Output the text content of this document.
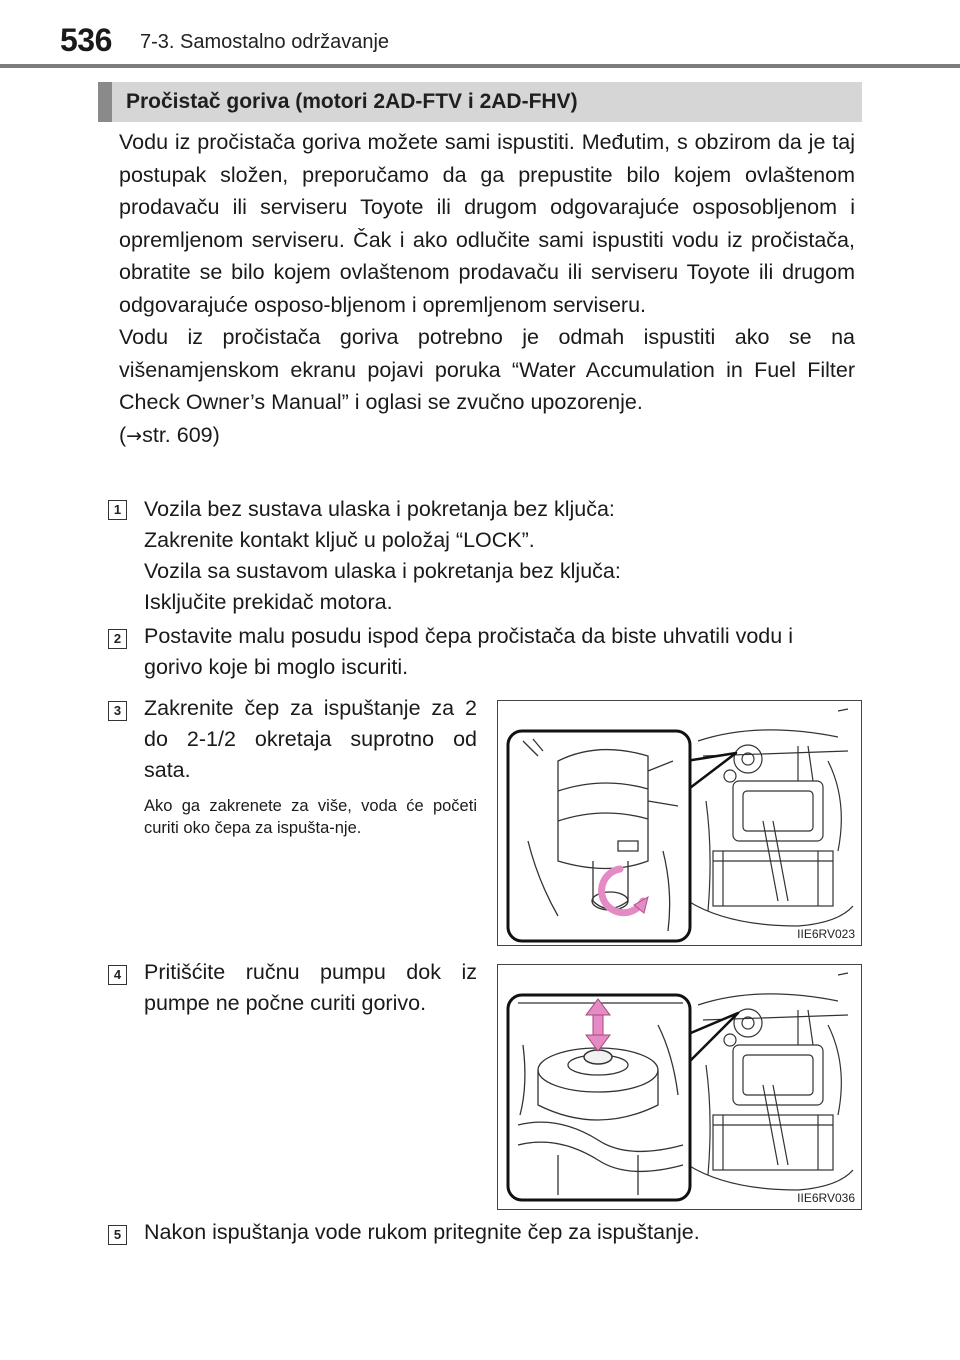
536 7-3. Samostalno održavanje
Pročistač goriva (motori 2AD-FTV i 2AD-FHV)

Vodu iz pročistača goriva možete sami ispustiti. Međutim, s obzirom da je taj postupak složen, preporučamo da ga prepustite bilo kojem ovlaštenom prodavaču ili serviseru Toyote ili drugom odgovarajuće osposobljenom i opremljenom serviseru. Čak i ako odlučite sami ispustiti vodu iz pročistača, obratite se bilo kojem ovlaštenom prodavaču ili serviseru Toyote ili drugom odgovarajuće osposo-bljenom i opremljenom serviseru.

Vodu iz pročistača goriva potrebno je odmah ispustiti ako se na višenamjenskom ekranu pojavi poruka “Water Accumulation in Fuel Filter Check Owner’s Manual” i oglasi se zvučno upozorenje.

(→str. 609)

1 Vozila bez sustava ulaska i pokretanja bez ključa:

Zakrenite kontakt ključ u položaj “LOCK”.

Vozila sa sustavom ulaska i pokretanja bez ključa:

Isključite prekidač motora.

2 Postavite malu posudu ispod čepa pročistača da biste uhvatili vodu i gorivo koje bi moglo iscuriti.

3 Zakrenite čep za ispuštanje za 2 do 2-1/2 okretaja suprotno od sata.

Ako ga zakrenete za više, voda će početi curiti oko čepa za ispušta-nje.

IIE6RV023
4 Pritišćite ručnu pumpu dok iz pumpe ne počne curiti gorivo.

IIE6RV036
5 Nakon ispuštanja vode rukom pritegnite čep za ispuštanje.
